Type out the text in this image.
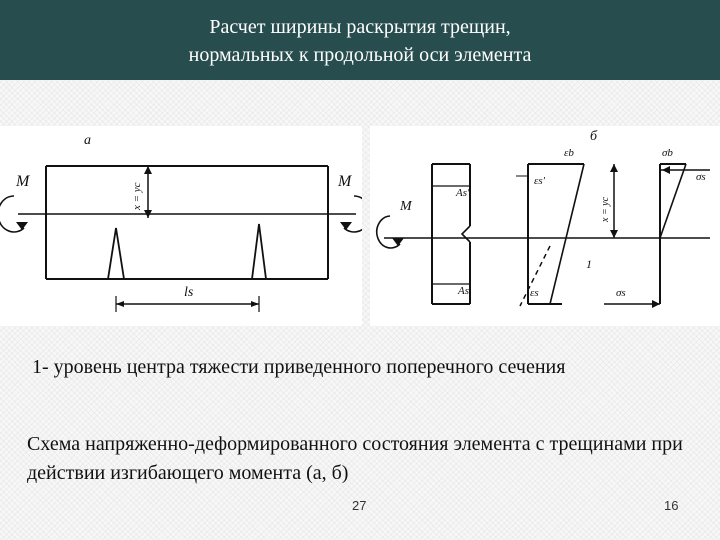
Расчет ширины раскрытия трещин,
нормальных к продольной оси элемента
а
M	M
x = yc
ls
б
εb	σb
σs
εs′
As′
As
x = yc
1
εs	σs
M
1- уровень центра тяжести приведенного поперечного сечения
Схема напряженно-деформированного состояния элемента с трещинами при действии изгибающего момента (а, б)
27	16
